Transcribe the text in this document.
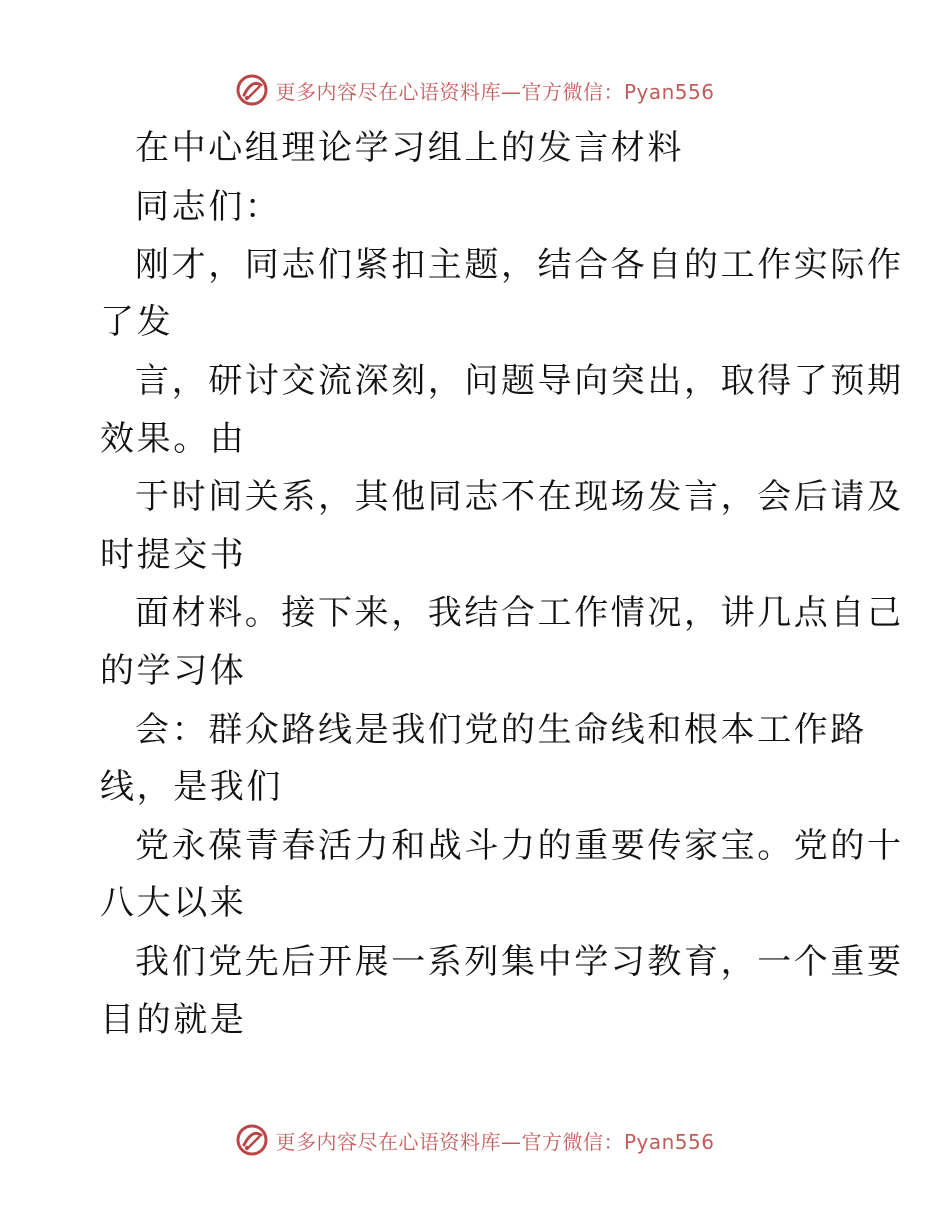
更多内容尽在心语资料库—官方微信：Pyan556
在中心组理论学习组上的发言材料
同志们：
刚才，同志们紧扣主题，结合各自的工作实际作
了发
言，研讨交流深刻，问题导向突出，取得了预期
效果。由
于时间关系，其他同志不在现场发言，会后请及
时提交书
面材料。接下来，我结合工作情况，讲几点自己
的学习体
会：群众路线是我们党的生命线和根本工作路
线，是我们
党永葆青春活力和战斗力的重要传家宝。党的十
八大以来
我们党先后开展一系列集中学习教育，一个重要
目的就是
更多内容尽在心语资料库—官方微信：Pyan556
